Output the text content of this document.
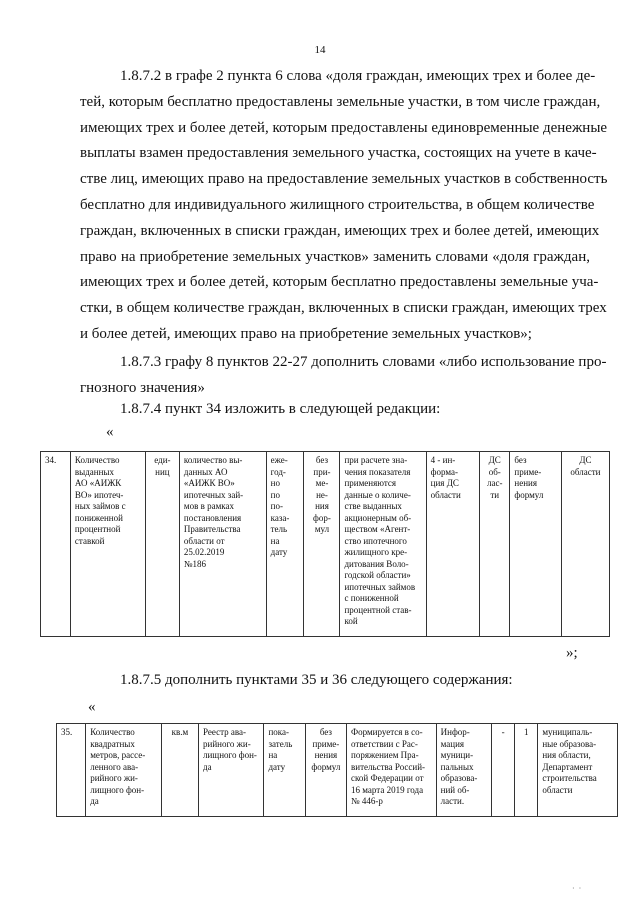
14

1.8.7.2 в графе 2 пункта 6 слова «доля граждан, имеющих трех и более де-
тей, которым бесплатно предоставлены земельные участки, в том числе граждан,
имеющих трех и более детей, которым предоставлены единовременные денежные
выплаты взамен предоставления земельного участка, состоящих на учете в каче-
стве лиц, имеющих право на предоставление земельных участков в собственность
бесплатно для индивидуального жилищного строительства, в общем количестве
граждан, включенных в списки граждан, имеющих трех и более детей, имеющих
право на приобретение земельных участков» заменить словами «доля граждан,
имеющих трех и более детей, которым бесплатно предоставлены земельные уча-
стки, в общем количестве граждан, включенных в списки граждан, имеющих трех
и более детей, имеющих право на приобретение земельных участков»;

1.8.7.3 графу 8 пунктов 22-27 дополнить словами «либо использование про-
гнозного значения»

1.8.7.4 пункт 34 изложить в следующей редакции:

«
34.	Количество
выданных
АО «АИЖК
ВО» ипотеч-
ных займов с
пониженной
процентной
ставкой	еди-
ниц	количество вы-
данных АО
«АИЖК ВО»
ипотечных зай-
мов в рамках
постановления
Правительства
области от
25.02.2019
№186	еже-
год-
но
по
по-
каза-
тель
на
дату	без
при-
ме-
не-
ния
фор-
мул	при расчете зна-
чения показателя
применяются
данные о количе-
стве выданных
акционерным об-
ществом «Агент-
ство ипотечного
жилищного кре-
дитования Воло-
годской области»
ипотечных займов
с пониженной
процентной став-
кой	4 - ин-
форма-
ция ДС
области	ДС
об-
лас-
ти	без
приме-
нения
формул	ДС
области
»;

1.8.7.5 дополнить пунктами 35 и 36 следующего содержания:

«
35.	Количество
квадратных
метров, рассе-
ленного ава-
рийного жи-
лищного фон-
да	кв.м	Реестр ава-
рийного жи-
лищного фон-
да	пока-
затель
на
дату	без
приме-
нения
формул	Формируется в со-
ответствии с Рас-
поряжением Пра-
вительства Россий-
ской Федерации от
16 марта 2019 года
№ 446-р	Инфор-
мация
муници-
пальных
образова-
ний об-
ласти.	-	1	муниципаль-
ные образова-
ния области,
Департамент
строительства
области
·  ·
